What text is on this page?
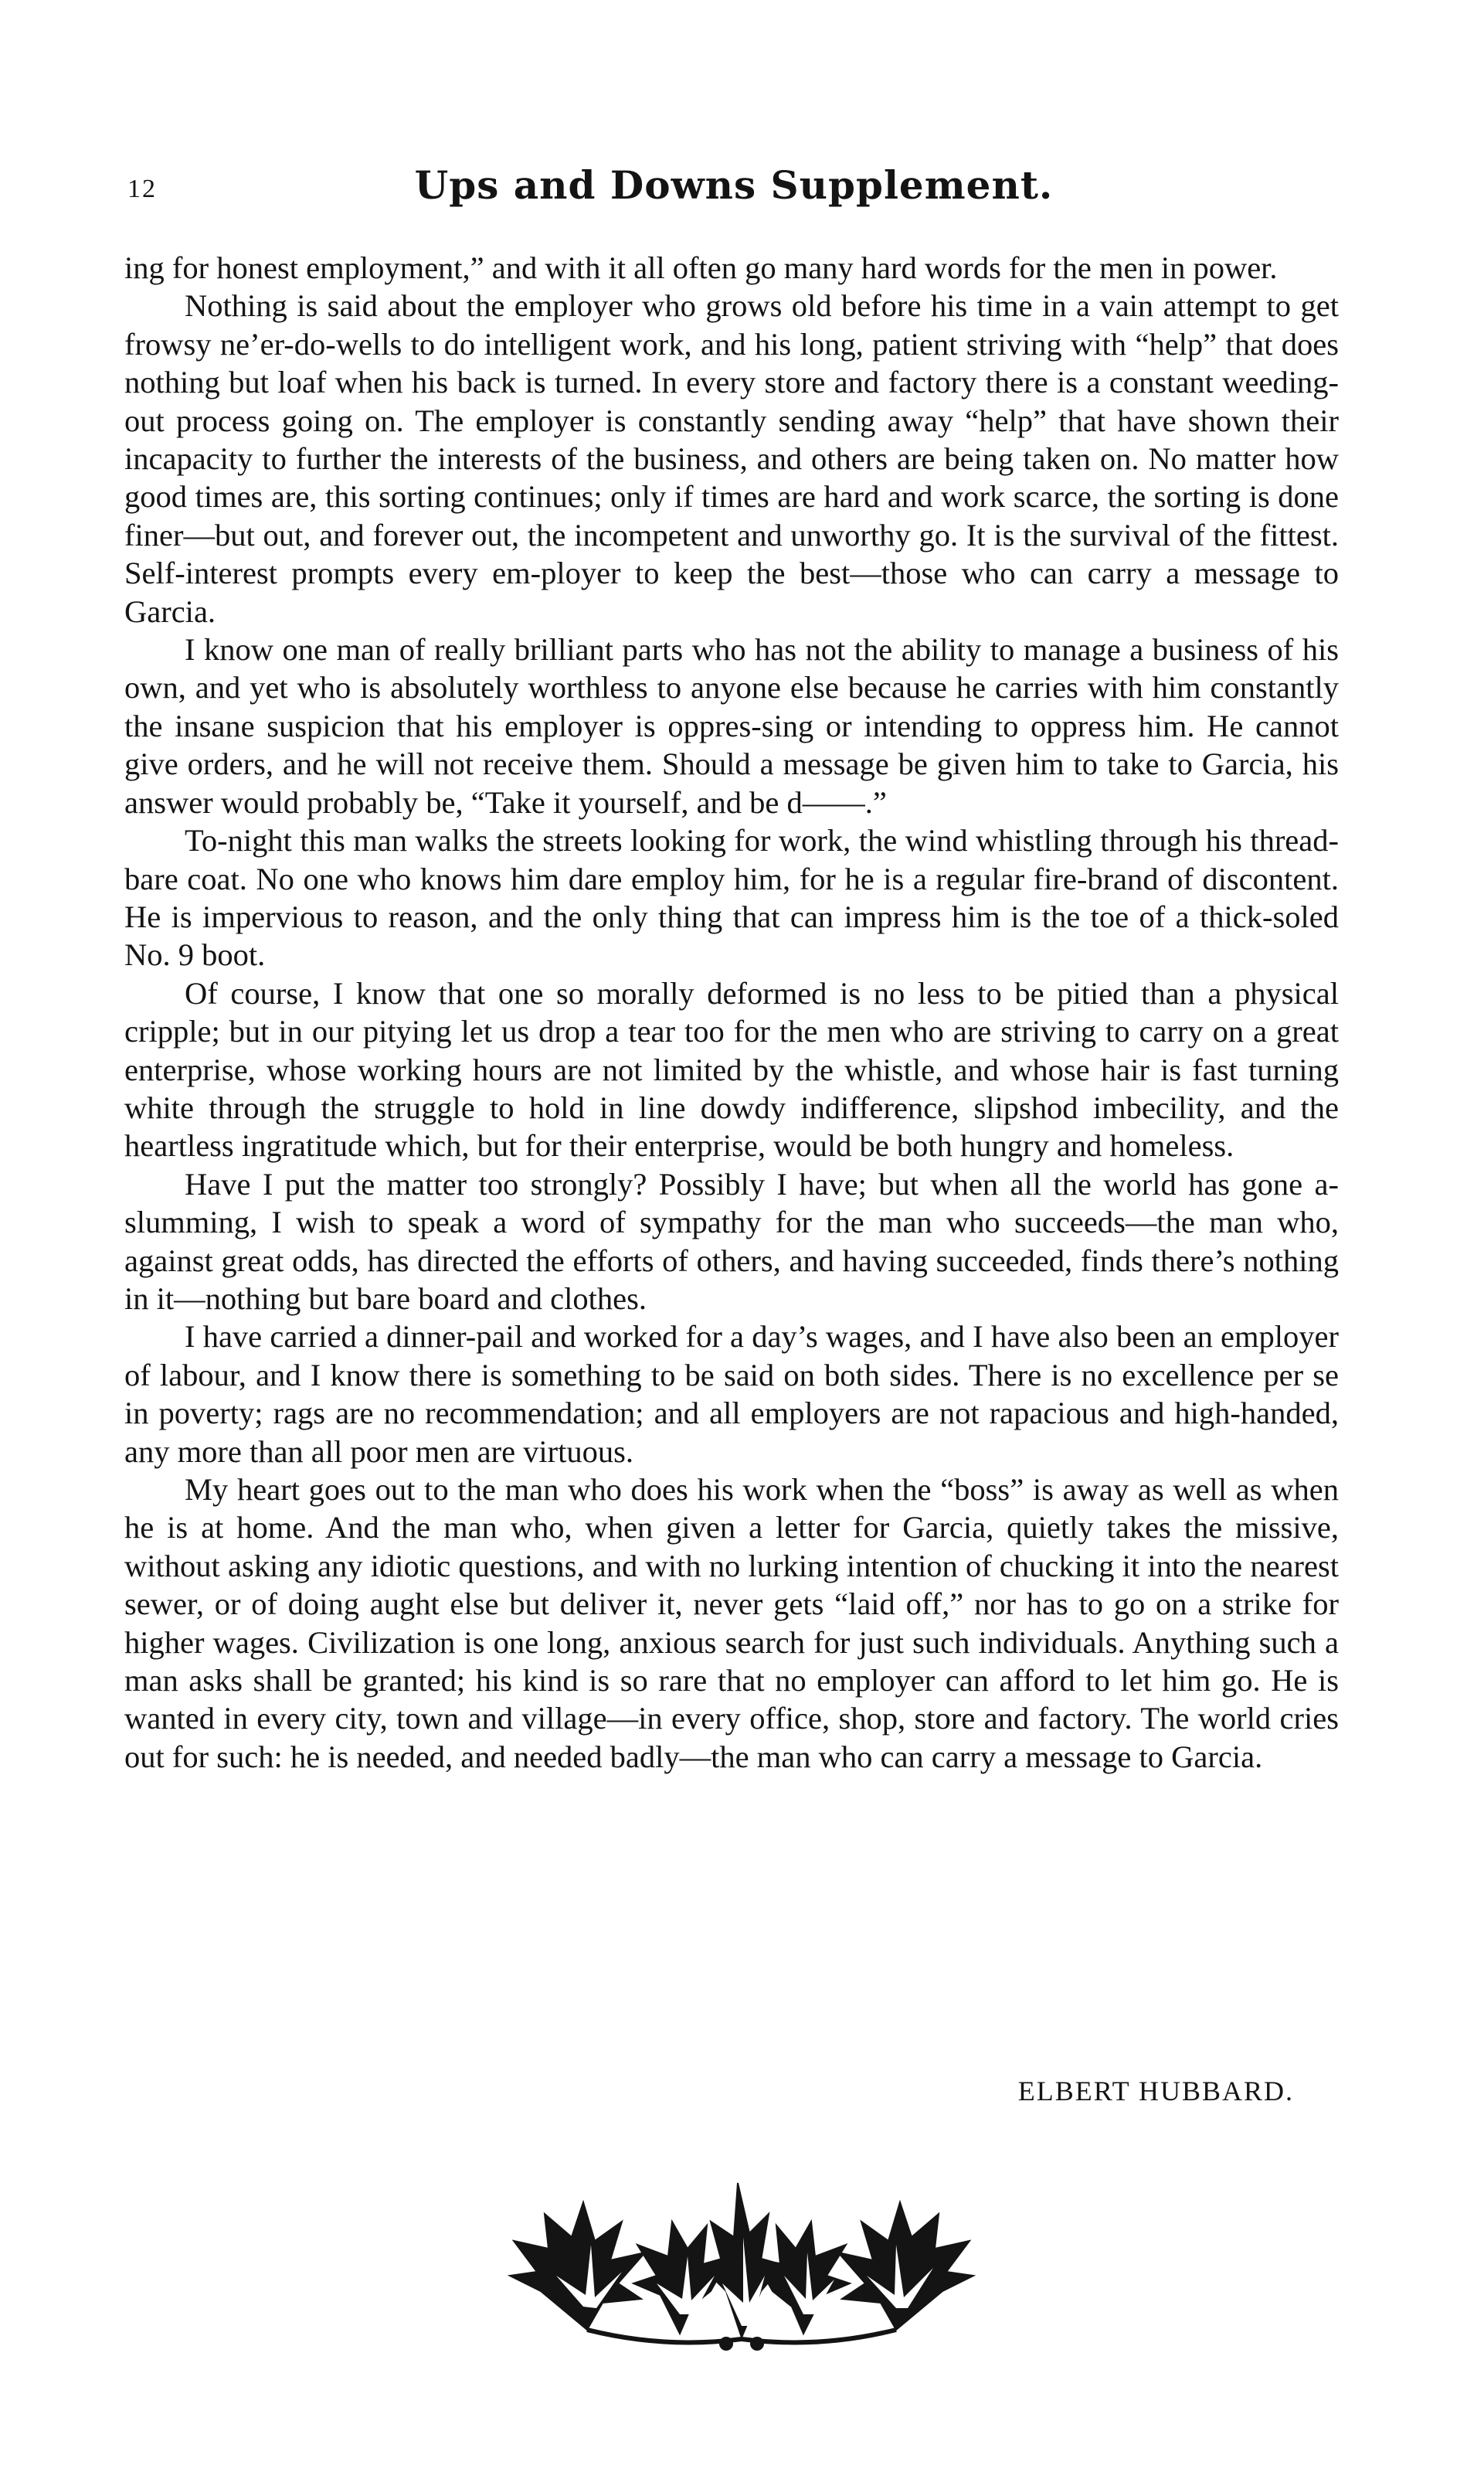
12	Ups and Downs Supplement.

ing for honest employment,” and with it all often go many hard words for the men in power.

Nothing is said about the employer who grows old before his time in a vain attempt to get frowsy ne’er-do-wells to do intelligent work, and his long, patient striving with “help” that does nothing but loaf when his back is turned. In every store and factory there is a constant weeding-out process going on. The employer is constantly sending away “help” that have shown their incapacity to further the interests of the business, and others are being taken on. No matter how good times are, this sorting continues; only if times are hard and work scarce, the sorting is done finer—but out, and forever out, the incompetent and unworthy go. It is the survival of the fittest. Self-interest prompts every em-ployer to keep the best—those who can carry a message to Garcia.

I know one man of really brilliant parts who has not the ability to manage a business of his own, and yet who is absolutely worthless to anyone else because he carries with him constantly the insane suspicion that his employer is oppres-sing or intending to oppress him. He cannot give orders, and he will not receive them. Should a message be given him to take to Garcia, his answer would probably be, “Take it yourself, and be d——.”

To-night this man walks the streets looking for work, the wind whistling through his thread-bare coat. No one who knows him dare employ him, for he is a regular fire-brand of discontent. He is impervious to reason, and the only thing that can impress him is the toe of a thick-soled No. 9 boot.

Of course, I know that one so morally deformed is no less to be pitied than a physical cripple; but in our pitying let us drop a tear too for the men who are striving to carry on a great enterprise, whose working hours are not limited by the whistle, and whose hair is fast turning white through the struggle to hold in line dowdy indifference, slipshod imbecility, and the heartless ingratitude which, but for their enterprise, would be both hungry and homeless.

Have I put the matter too strongly? Possibly I have; but when all the world has gone a-slumming, I wish to speak a word of sympathy for the man who succeeds—the man who, against great odds, has directed the efforts of others, and having succeeded, finds there’s nothing in it—nothing but bare board and clothes.

I have carried a dinner-pail and worked for a day’s wages, and I have also been an employer of labour, and I know there is something to be said on both sides. There is no excellence per se in poverty; rags are no recommendation; and all employers are not rapacious and high-handed, any more than all poor men are virtuous.

My heart goes out to the man who does his work when the “boss” is away as well as when he is at home. And the man who, when given a letter for Garcia, quietly takes the missive, without asking any idiotic questions, and with no lurking intention of chucking it into the nearest sewer, or of doing aught else but deliver it, never gets “laid off,” nor has to go on a strike for higher wages. Civilization is one long, anxious search for just such individuals. Anything such a man asks shall be granted; his kind is so rare that no employer can afford to let him go. He is wanted in every city, town and village—in every office, shop, store and factory. The world cries out for such: he is needed, and needed badly—the man who can carry a message to Garcia.

ELBERT HUBBARD.
